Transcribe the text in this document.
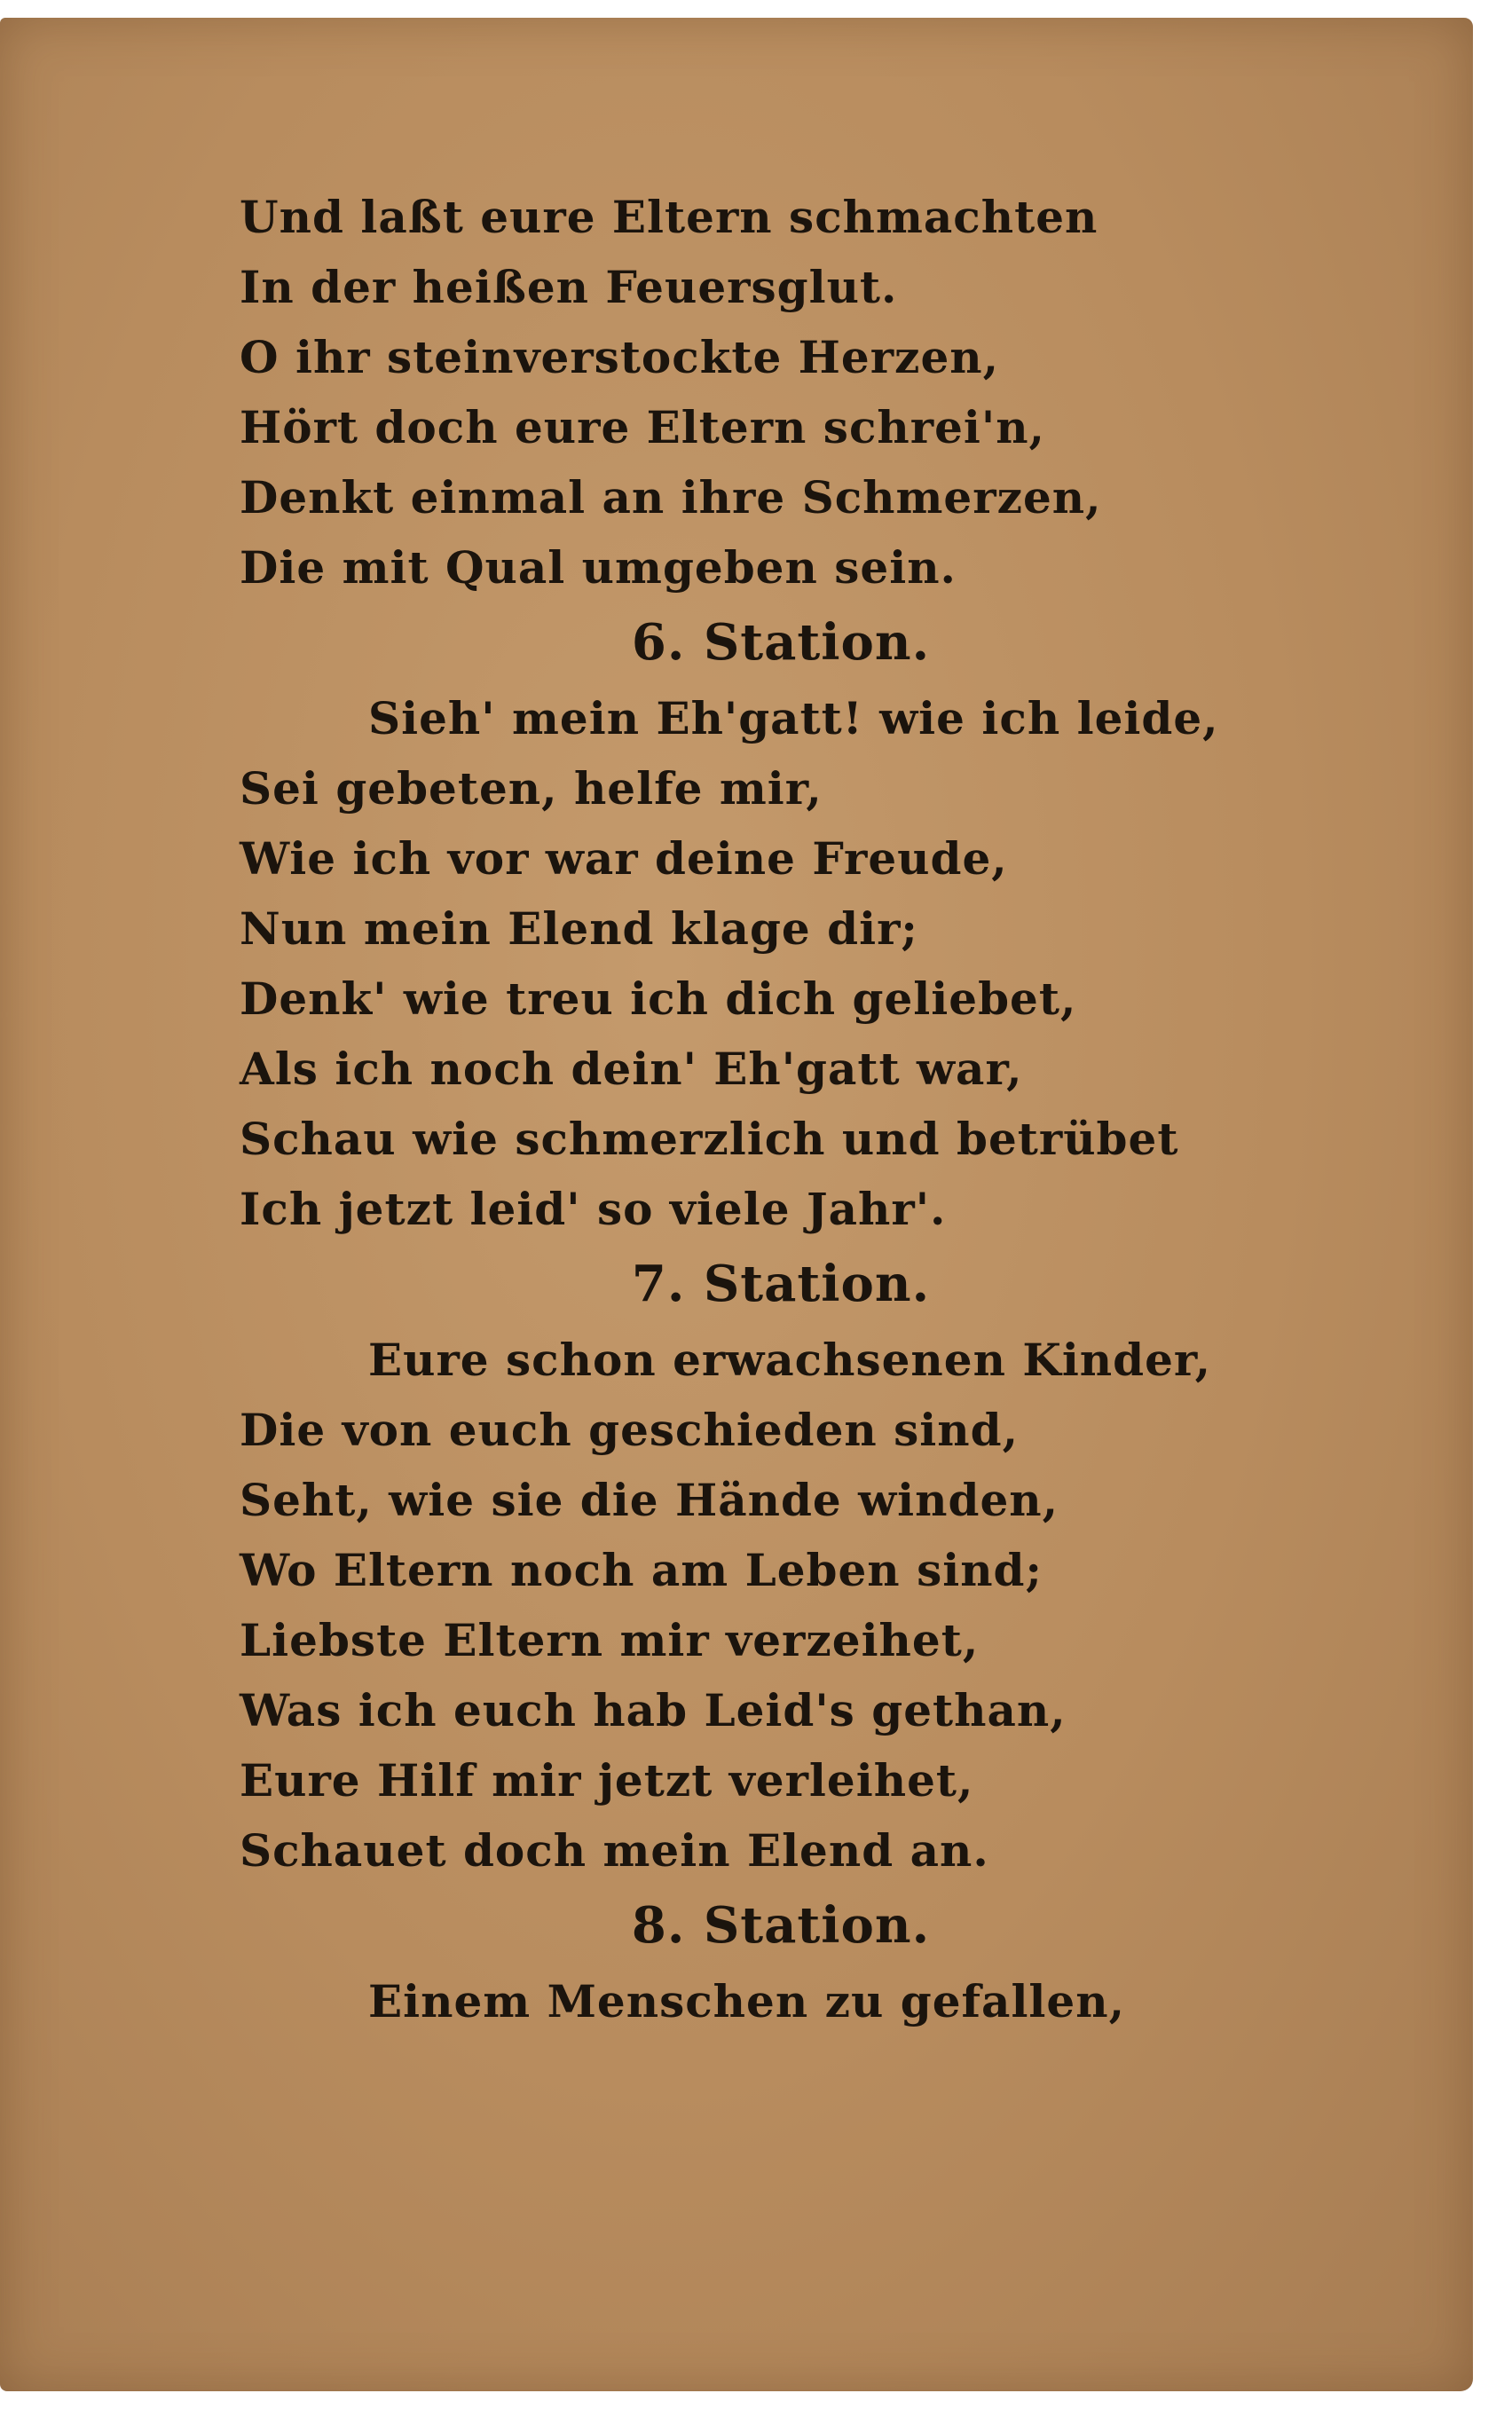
Und laßt eure Eltern schmachten
In der heißen Feuersglut.
O ihr steinverstockte Herzen,
Hört doch eure Eltern schrei'n,
Denkt einmal an ihre Schmerzen,
Die mit Qual umgeben sein.
6. Station.
Sieh' mein Eh'gatt! wie ich leide,
Sei gebeten, helfe mir,
Wie ich vor war deine Freude,
Nun mein Elend klage dir;
Denk' wie treu ich dich geliebet,
Als ich noch dein' Eh'gatt war,
Schau wie schmerzlich und betrübet
Ich jetzt leid' so viele Jahr'.
7. Station.
Eure schon erwachsenen Kinder,
Die von euch geschieden sind,
Seht, wie sie die Hände winden,
Wo Eltern noch am Leben sind;
Liebste Eltern mir verzeihet,
Was ich euch hab Leid's gethan,
Eure Hilf mir jetzt verleihet,
Schauet doch mein Elend an.
8. Station.
Einem Menschen zu gefallen,
